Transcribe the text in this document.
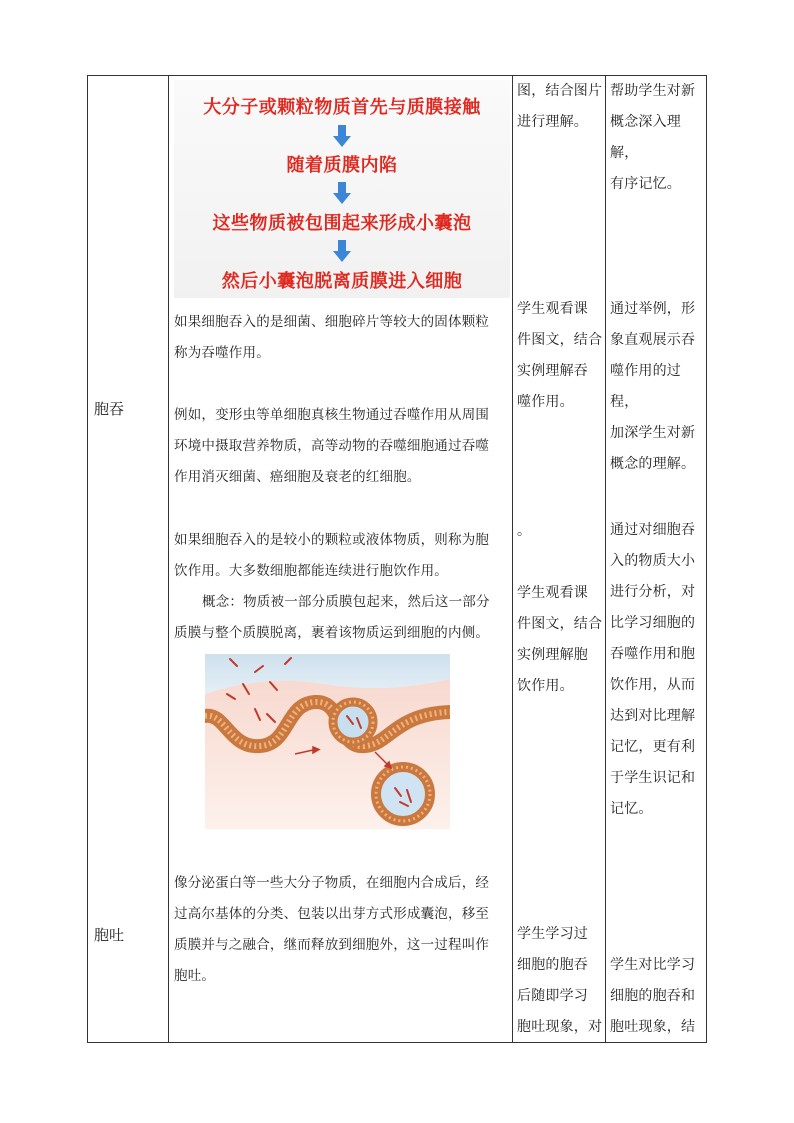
胞吞
胞吐
大分子或颗粒物质首先与质膜接触
随着质膜内陷
这些物质被包围起来形成小囊泡
然后小囊泡脱离质膜进入细胞
如果细胞吞入的是细菌、细胞碎片等较大的固体颗粒
称为吞噬作用。
例如，变形虫等单细胞真核生物通过吞噬作用从周围
环境中摄取营养物质，高等动物的吞噬细胞通过吞噬
作用消灭细菌、癌细胞及衰老的红细胞。
如果细胞吞入的是较小的颗粒或液体物质，则称为胞
饮作用。大多数细胞都能连续进行胞饮作用。
概念：物质被一部分质膜包起来，然后这一部分
质膜与整个质膜脱离，裹着该物质运到细胞的内侧。
像分泌蛋白等一些大分子物质，在细胞内合成后，经
过高尔基体的分类、包装以出芽方式形成囊泡，移至
质膜并与之融合，继而释放到细胞外，这一过程叫作
胞吐。
图，结合图片
进行理解。
学生观看课
件图文，结合
实例理解吞
噬作用。
。
学生观看课
件图文，结合
实例理解胞
饮作用。
学生学习过
细胞的胞吞
后随即学习
胞吐现象，对
帮助学生对新
概念深入理解，
有序记忆。
通过举例，形
象直观展示吞
噬作用的过程，
加深学生对新
概念的理解。
通过对细胞吞
入的物质大小
进行分析，对
比学习细胞的
吞噬作用和胞
饮作用，从而
达到对比理解
记忆，更有利
于学生识记和
记忆。
学生对比学习
细胞的胞吞和
胞吐现象，结
